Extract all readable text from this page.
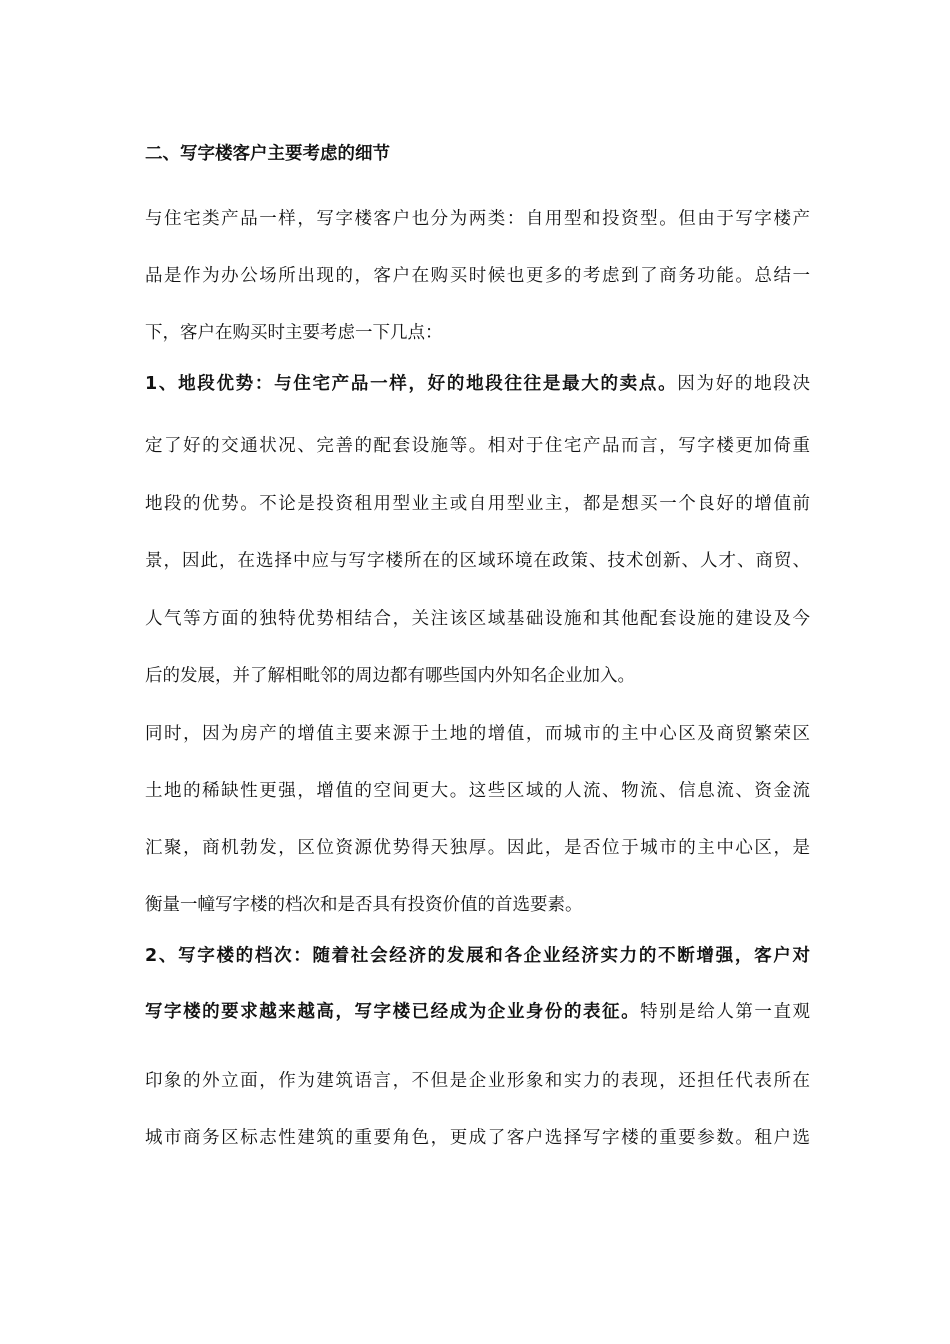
二、写字楼客户主要考虑的细节
与住宅类产品一样，写字楼客户也分为两类：自用型和投资型。但由于写字楼产
品是作为办公场所出现的，客户在购买时候也更多的考虑到了商务功能。总结一
下，客户在购买时主要考虑一下几点：
1、地段优势：与住宅产品一样，好的地段往往是最大的卖点。因为好的地段决
定了好的交通状况、完善的配套设施等。相对于住宅产品而言，写字楼更加倚重
地段的优势。不论是投资租用型业主或自用型业主，都是想买一个良好的增值前
景，因此，在选择中应与写字楼所在的区域环境在政策、技术创新、人才、商贸、
人气等方面的独特优势相结合，关注该区域基础设施和其他配套设施的建设及今
后的发展，并了解相毗邻的周边都有哪些国内外知名企业加入。
同时，因为房产的增值主要来源于土地的增值，而城市的主中心区及商贸繁荣区
土地的稀缺性更强，增值的空间更大。这些区域的人流、物流、信息流、资金流
汇聚，商机勃发，区位资源优势得天独厚。因此，是否位于城市的主中心区，是
衡量一幢写字楼的档次和是否具有投资价值的首选要素。
2、写字楼的档次：随着社会经济的发展和各企业经济实力的不断增强，客户对
写字楼的要求越来越高，写字楼已经成为企业身份的表征。特别是给人第一直观
印象的外立面，作为建筑语言，不但是企业形象和实力的表现，还担任代表所在
城市商务区标志性建筑的重要角色，更成了客户选择写字楼的重要参数。租户选
